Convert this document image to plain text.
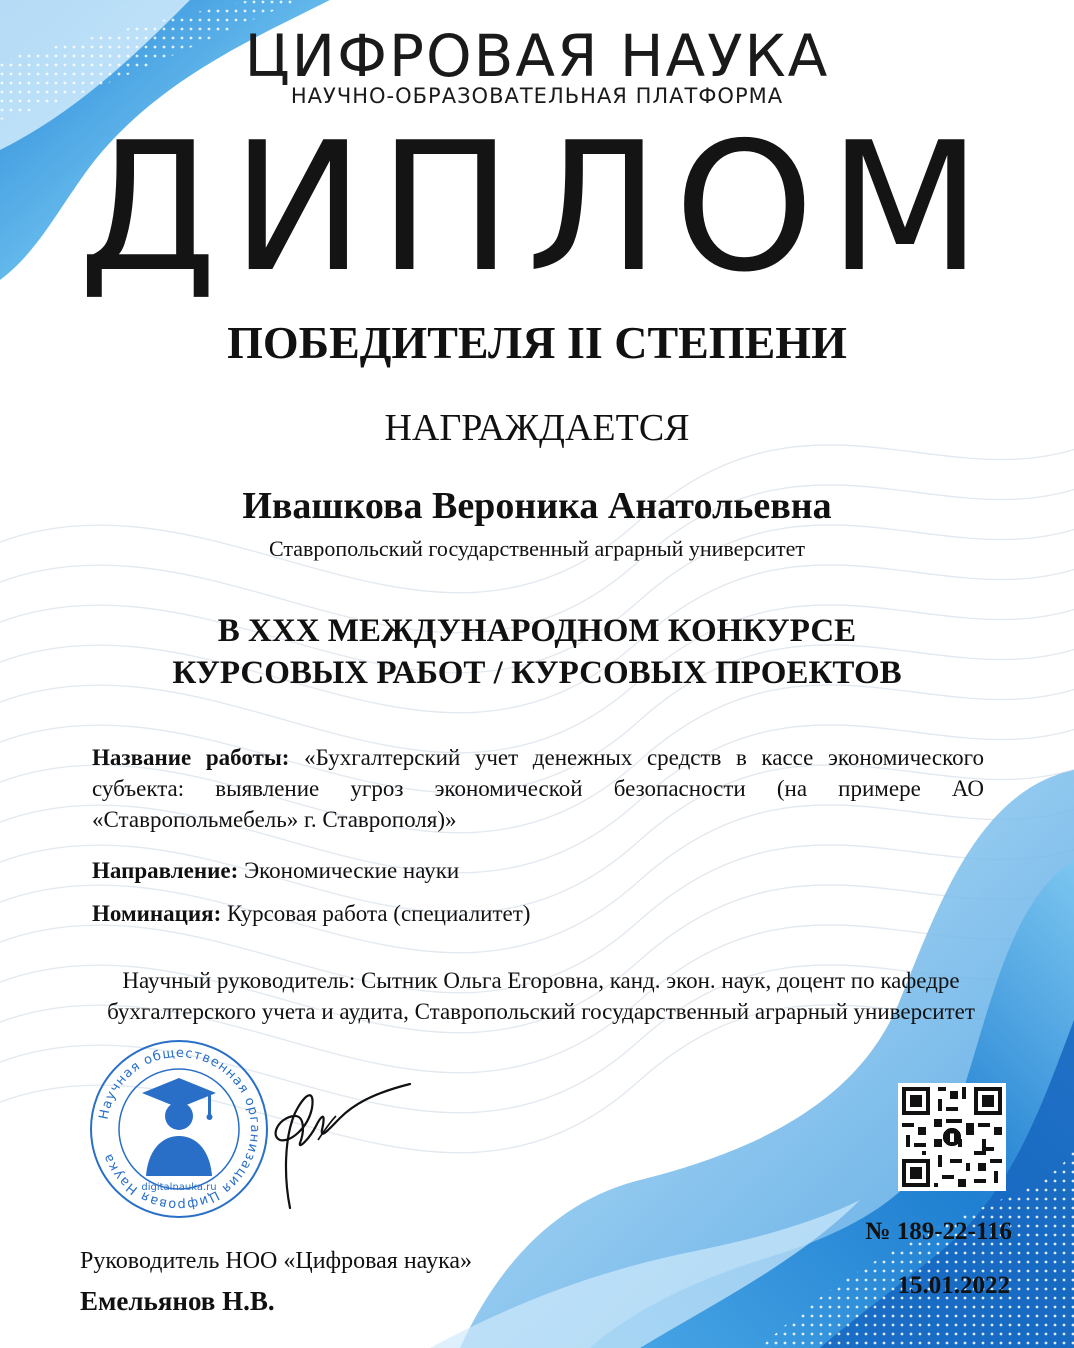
ЦИФРОВАЯ НАУКА
НАУЧНО-ОБРАЗОВАТЕЛЬНАЯ ПЛАТФОРМА
ДИПЛОМ
ПОБЕДИТЕЛЯ II СТЕПЕНИ
НАГРАЖДАЕТСЯ
Ивашкова Вероника Анатольевна
Ставропольский государственный аграрный университет
В XXX МЕЖДУНАРОДНОМ КОНКУРСЕ
КУРСОВЫХ РАБОТ / КУРСОВЫХ ПРОЕКТОВ
Название работы: «Бухгалтерский учет денежных средств в кассе экономического субъекта: выявление угроз экономической безопасности (на примере АО «Ставропольмебель» г. Ставрополя)»
Направление: Экономические науки
Номинация: Курсовая работа (специалитет)
Научный руководитель: Сытник Ольга Егоровна, канд. экон. наук, доцент по кафедре бухгалтерского учета и аудита, Ставропольский государственный аграрный университет
Научная общественная организация Цифровая Наука
digitalnauka.ru
№ 189-22-116
15.01.2022
Руководитель НОО «Цифровая наука»
Емельянов Н.В.
